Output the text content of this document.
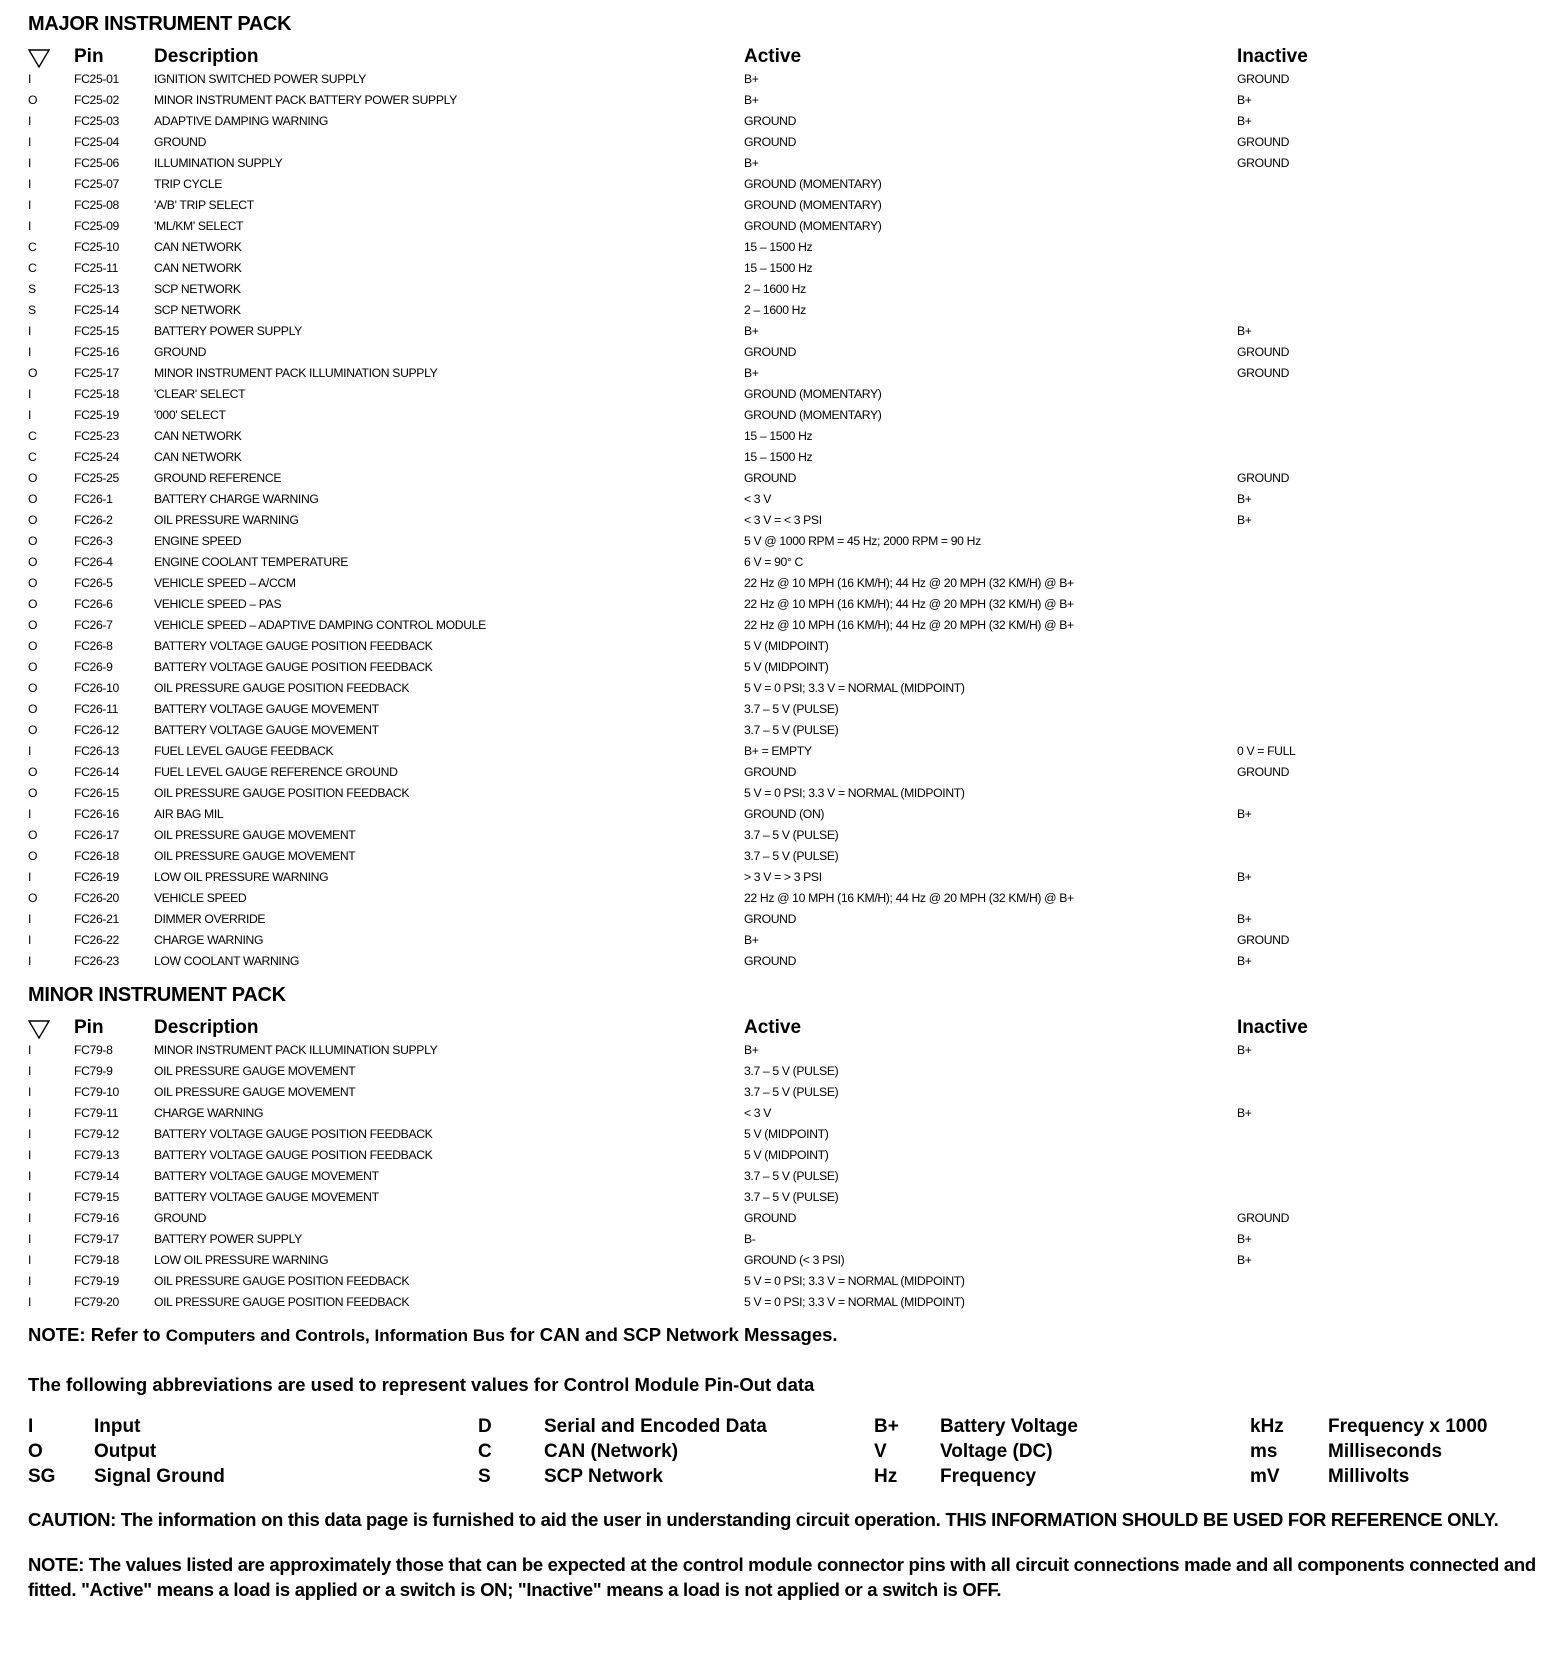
MAJOR INSTRUMENT PACK
	Pin	Description	Active	Inactive
I	FC25-01	IGNITION SWITCHED POWER SUPPLY	B+	GROUND
O	FC25-02	MINOR INSTRUMENT PACK BATTERY POWER SUPPLY	B+	B+
I	FC25-03	ADAPTIVE DAMPING WARNING	GROUND	B+
I	FC25-04	GROUND	GROUND	GROUND
I	FC25-06	ILLUMINATION SUPPLY	B+	GROUND
I	FC25-07	TRIP CYCLE	GROUND (MOMENTARY)	
I	FC25-08	'A/B' TRIP SELECT	GROUND (MOMENTARY)	
I	FC25-09	'ML/KM' SELECT	GROUND (MOMENTARY)	
C	FC25-10	CAN NETWORK	15 – 1500 Hz	
C	FC25-11	CAN NETWORK	15 – 1500 Hz	
S	FC25-13	SCP NETWORK	2 – 1600 Hz	
S	FC25-14	SCP NETWORK	2 – 1600 Hz	
I	FC25-15	BATTERY POWER SUPPLY	B+	B+
I	FC25-16	GROUND	GROUND	GROUND
O	FC25-17	MINOR INSTRUMENT PACK ILLUMINATION SUPPLY	B+	GROUND
I	FC25-18	'CLEAR' SELECT	GROUND (MOMENTARY)	
I	FC25-19	'000' SELECT	GROUND (MOMENTARY)	
C	FC25-23	CAN NETWORK	15 – 1500 Hz	
C	FC25-24	CAN NETWORK	15 – 1500 Hz	
O	FC25-25	GROUND REFERENCE	GROUND	GROUND
O	FC26-1	BATTERY CHARGE WARNING	< 3 V	B+
O	FC26-2	OIL PRESSURE WARNING	< 3 V = < 3 PSI	B+
O	FC26-3	ENGINE SPEED	5 V @ 1000 RPM = 45 Hz; 2000 RPM = 90 Hz	
O	FC26-4	ENGINE COOLANT TEMPERATURE	6 V = 90° C	
O	FC26-5	VEHICLE SPEED – A/CCM	22 Hz @ 10 MPH (16 KM/H); 44 Hz @ 20 MPH (32 KM/H) @ B+	
O	FC26-6	VEHICLE SPEED – PAS	22 Hz @ 10 MPH (16 KM/H); 44 Hz @ 20 MPH (32 KM/H) @ B+	
O	FC26-7	VEHICLE SPEED – ADAPTIVE DAMPING CONTROL MODULE	22 Hz @ 10 MPH (16 KM/H); 44 Hz @ 20 MPH (32 KM/H) @ B+	
O	FC26-8	BATTERY VOLTAGE GAUGE POSITION FEEDBACK	5 V (MIDPOINT)	
O	FC26-9	BATTERY VOLTAGE GAUGE POSITION FEEDBACK	5 V (MIDPOINT)	
O	FC26-10	OIL PRESSURE GAUGE POSITION FEEDBACK	5 V = 0 PSI; 3.3 V = NORMAL (MIDPOINT)	
O	FC26-11	BATTERY VOLTAGE GAUGE MOVEMENT	3.7 – 5 V (PULSE)	
O	FC26-12	BATTERY VOLTAGE GAUGE MOVEMENT	3.7 – 5 V (PULSE)	
I	FC26-13	FUEL LEVEL GAUGE FEEDBACK	B+ = EMPTY	0 V = FULL
O	FC26-14	FUEL LEVEL GAUGE REFERENCE GROUND	GROUND	GROUND
O	FC26-15	OIL PRESSURE GAUGE POSITION FEEDBACK	5 V = 0 PSI; 3.3 V = NORMAL (MIDPOINT)	
I	FC26-16	AIR BAG MIL	GROUND (ON)	B+
O	FC26-17	OIL PRESSURE GAUGE MOVEMENT	3.7 – 5 V (PULSE)	
O	FC26-18	OIL PRESSURE GAUGE MOVEMENT	3.7 – 5 V (PULSE)	
I	FC26-19	LOW OIL PRESSURE WARNING	> 3 V = > 3 PSI	B+
O	FC26-20	VEHICLE SPEED	22 Hz @ 10 MPH (16 KM/H); 44 Hz @ 20 MPH (32 KM/H) @ B+	
I	FC26-21	DIMMER OVERRIDE	GROUND	B+
I	FC26-22	CHARGE WARNING	B+	GROUND
I	FC26-23	LOW COOLANT WARNING	GROUND	B+
MINOR INSTRUMENT PACK
	Pin	Description	Active	Inactive
I	FC79-8	MINOR INSTRUMENT PACK ILLUMINATION SUPPLY	B+	B+
I	FC79-9	OIL PRESSURE GAUGE MOVEMENT	3.7 – 5 V (PULSE)	
I	FC79-10	OIL PRESSURE GAUGE MOVEMENT	3.7 – 5 V (PULSE)	
I	FC79-11	CHARGE WARNING	< 3 V	B+
I	FC79-12	BATTERY VOLTAGE GAUGE POSITION FEEDBACK	5 V (MIDPOINT)	
I	FC79-13	BATTERY VOLTAGE GAUGE POSITION FEEDBACK	5 V (MIDPOINT)	
I	FC79-14	BATTERY VOLTAGE GAUGE MOVEMENT	3.7 – 5 V (PULSE)	
I	FC79-15	BATTERY VOLTAGE GAUGE MOVEMENT	3.7 – 5 V (PULSE)	
I	FC79-16	GROUND	GROUND	GROUND
I	FC79-17	BATTERY POWER SUPPLY	B-	B+
I	FC79-18	LOW OIL PRESSURE WARNING	GROUND (< 3 PSI)	B+
I	FC79-19	OIL PRESSURE GAUGE POSITION FEEDBACK	5 V = 0 PSI; 3.3 V = NORMAL (MIDPOINT)	
I	FC79-20	OIL PRESSURE GAUGE POSITION FEEDBACK	5 V = 0 PSI; 3.3 V = NORMAL (MIDPOINT)	
NOTE: Refer to Computers and Controls, Information Bus for CAN and SCP Network Messages.
The following abbreviations are used to represent values for Control Module Pin-Out data
I	Input	D	Serial and Encoded Data	B+	Battery Voltage	kHz	Frequency x 1000
O	Output	C	CAN (Network)	V	Voltage (DC)	ms	Milliseconds
SG	Signal Ground	S	SCP Network	Hz	Frequency	mV	Millivolts
CAUTION: The information on this data page is furnished to aid the user in understanding circuit operation. THIS INFORMATION SHOULD BE USED FOR REFERENCE ONLY.
NOTE: The values listed are approximately those that can be expected at the control module connector pins with all circuit connections made and all components connected and fitted. "Active" means a load is applied or a switch is ON; "Inactive" means a load is not applied or a switch is OFF.
